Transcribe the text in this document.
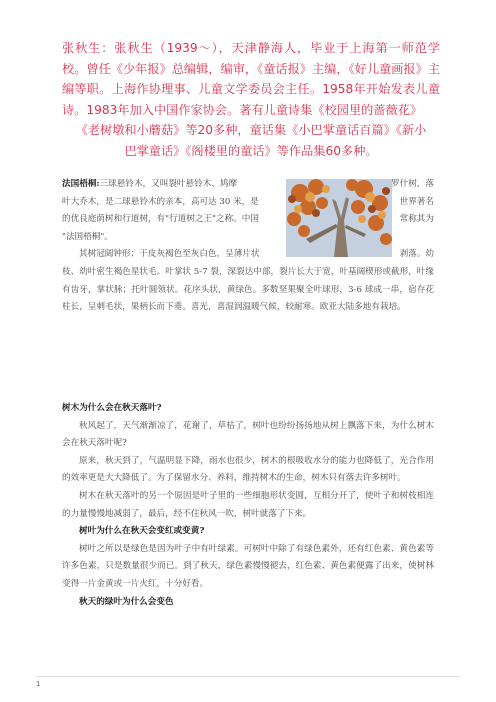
张秋生：张秋生（1939～），天津静海人，毕业于上海第一师范学校。曾任《少年报》总编辑，编审，《童话报》主编，《好儿童画报》主编等职。上海作协理事、儿童文学委员会主任。1958年开始发表儿童诗。1983年加入中国作家协会。著有儿童诗集《校园里的蔷薇花》
《老树墩和小蘑菇》等20多种，童话集《小巴掌童话百篇》《新小
巴掌童话》《阁楼里的童话》等作品集60多种。
法国梧桐:三球悬铃木，又叫裂叶悬铃木、鸠摩	罗什树，落
叶大乔木，是二球悬铃木的亲本，高可达 30 米，是	世界著名
的优良庭荫树和行道树，有"行道树之王"之称。中国	常称其为
"法国梧桐"。
其树冠阔钟形；干皮灰褐色至灰白色，呈薄片状	剥落。幼

枝、幼叶密生褐色星状毛。叶掌状 5-7 裂，深裂达中部，裂片长大于宽，叶基阔楔形或截形，叶缘有齿牙，掌状脉；托叶圆领状。花序头状，黄绿色。多数坚果聚全叶球形，3-6 球成一串，宿存花柱长，呈刺毛状，果柄长而下垂。喜光，喜湿润温暖气候，较耐寒。欧亚大陆多地有栽培。

树木为什么会在秋天落叶?

秋风起了，天气渐渐凉了，花谢了，草枯了，树叶也纷纷扬扬地从树上飘落下来，为什么树木会在秋天落叶呢?

原来，秋天到了，气温明显下降，雨水也很少，树木的根吸收水分的能力也降低了，光合作用的效率更是大大降低了。为了保留水分、养料，维持树木的生命，树木只有落去许多树叶。

树木在秋天落叶的另一个原因是叶子里的一些细胞形状变圆，互相分开了，使叶子和树枝相连的力量慢慢地减弱了，最后，经不住秋风一吹，树叶就落了下来。

树叶为什么在秋天会变红或变黄?

树叶之所以是绿色是因为叶子中有叶绿素。可树叶中除了有绿色素外，还有红色素、黄色素等许多色素，只是数量很少而已。到了秋天，绿色素慢慢褪去，红色素、黄色素便露了出来，使树林变得一片金黄或一片火红，十分好看。

秋天的绿叶为什么会变色

1
